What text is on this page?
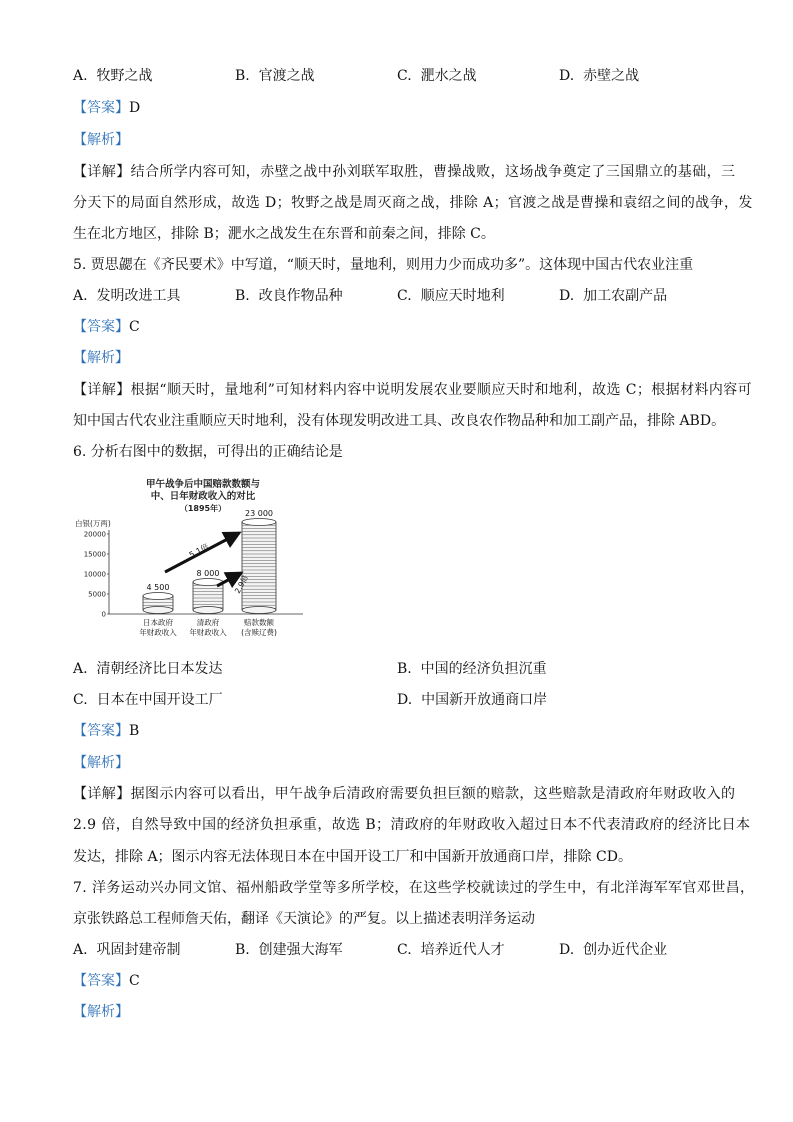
A.  牧野之战	B.  官渡之战	C.  淝水之战	D.  赤壁之战
【答案】D
【解析】
【详解】结合所学内容可知，赤壁之战中孙刘联军取胜，曹操战败，这场战争奠定了三国鼎立的基础，三
分天下的局面自然形成，故选 D；牧野之战是周灭商之战，排除 A；官渡之战是曹操和袁绍之间的战争，发
生在北方地区，排除 B；淝水之战发生在东晋和前秦之间，排除 C。
5. 贾思勰在《齐民要术》中写道，“顺天时，量地利，则用力少而成功多”。这体现中国古代农业注重
A.  发明改进工具	B.  改良作物品种	C.  顺应天时地利	D.  加工农副产品
【答案】C
【解析】
【详解】根据“顺天时，量地利”可知材料内容中说明发展农业要顺应天时和地利，故选 C；根据材料内容可
知中国古代农业注重顺应天时地利，没有体现发明改进工具、改良农作物品种和加工副产品，排除 ABD。
6. 分析右图中的数据，可得出的正确结论是
甲午战争后中国赔款数额与
中、日年财政收入的对比
（1895年）
白银(万两)
0
5000
10000
15000
20000
4 500
8 000
23 000
日本政府
年财政收入
清政府
年财政收入
赔款数额
(含赎辽费)
5.1倍
2.9倍
A.  清朝经济比日本发达	B.  中国的经济负担沉重
C.  日本在中国开设工厂	D.  中国新开放通商口岸
【答案】B
【解析】
【详解】据图示内容可以看出，甲午战争后清政府需要负担巨额的赔款，这些赔款是清政府年财政收入的
2.9 倍，自然导致中国的经济负担承重，故选 B；清政府的年财政收入超过日本不代表清政府的经济比日本
发达，排除 A；图示内容无法体现日本在中国开设工厂和中国新开放通商口岸，排除 CD。
7. 洋务运动兴办同文馆、福州船政学堂等多所学校，在这些学校就读过的学生中，有北洋海军军官邓世昌，
京张铁路总工程师詹天佑，翻译《天演论》的严复。以上描述表明洋务运动
A.  巩固封建帝制	B.  创建强大海军	C.  培养近代人才	D.  创办近代企业
【答案】C
【解析】
